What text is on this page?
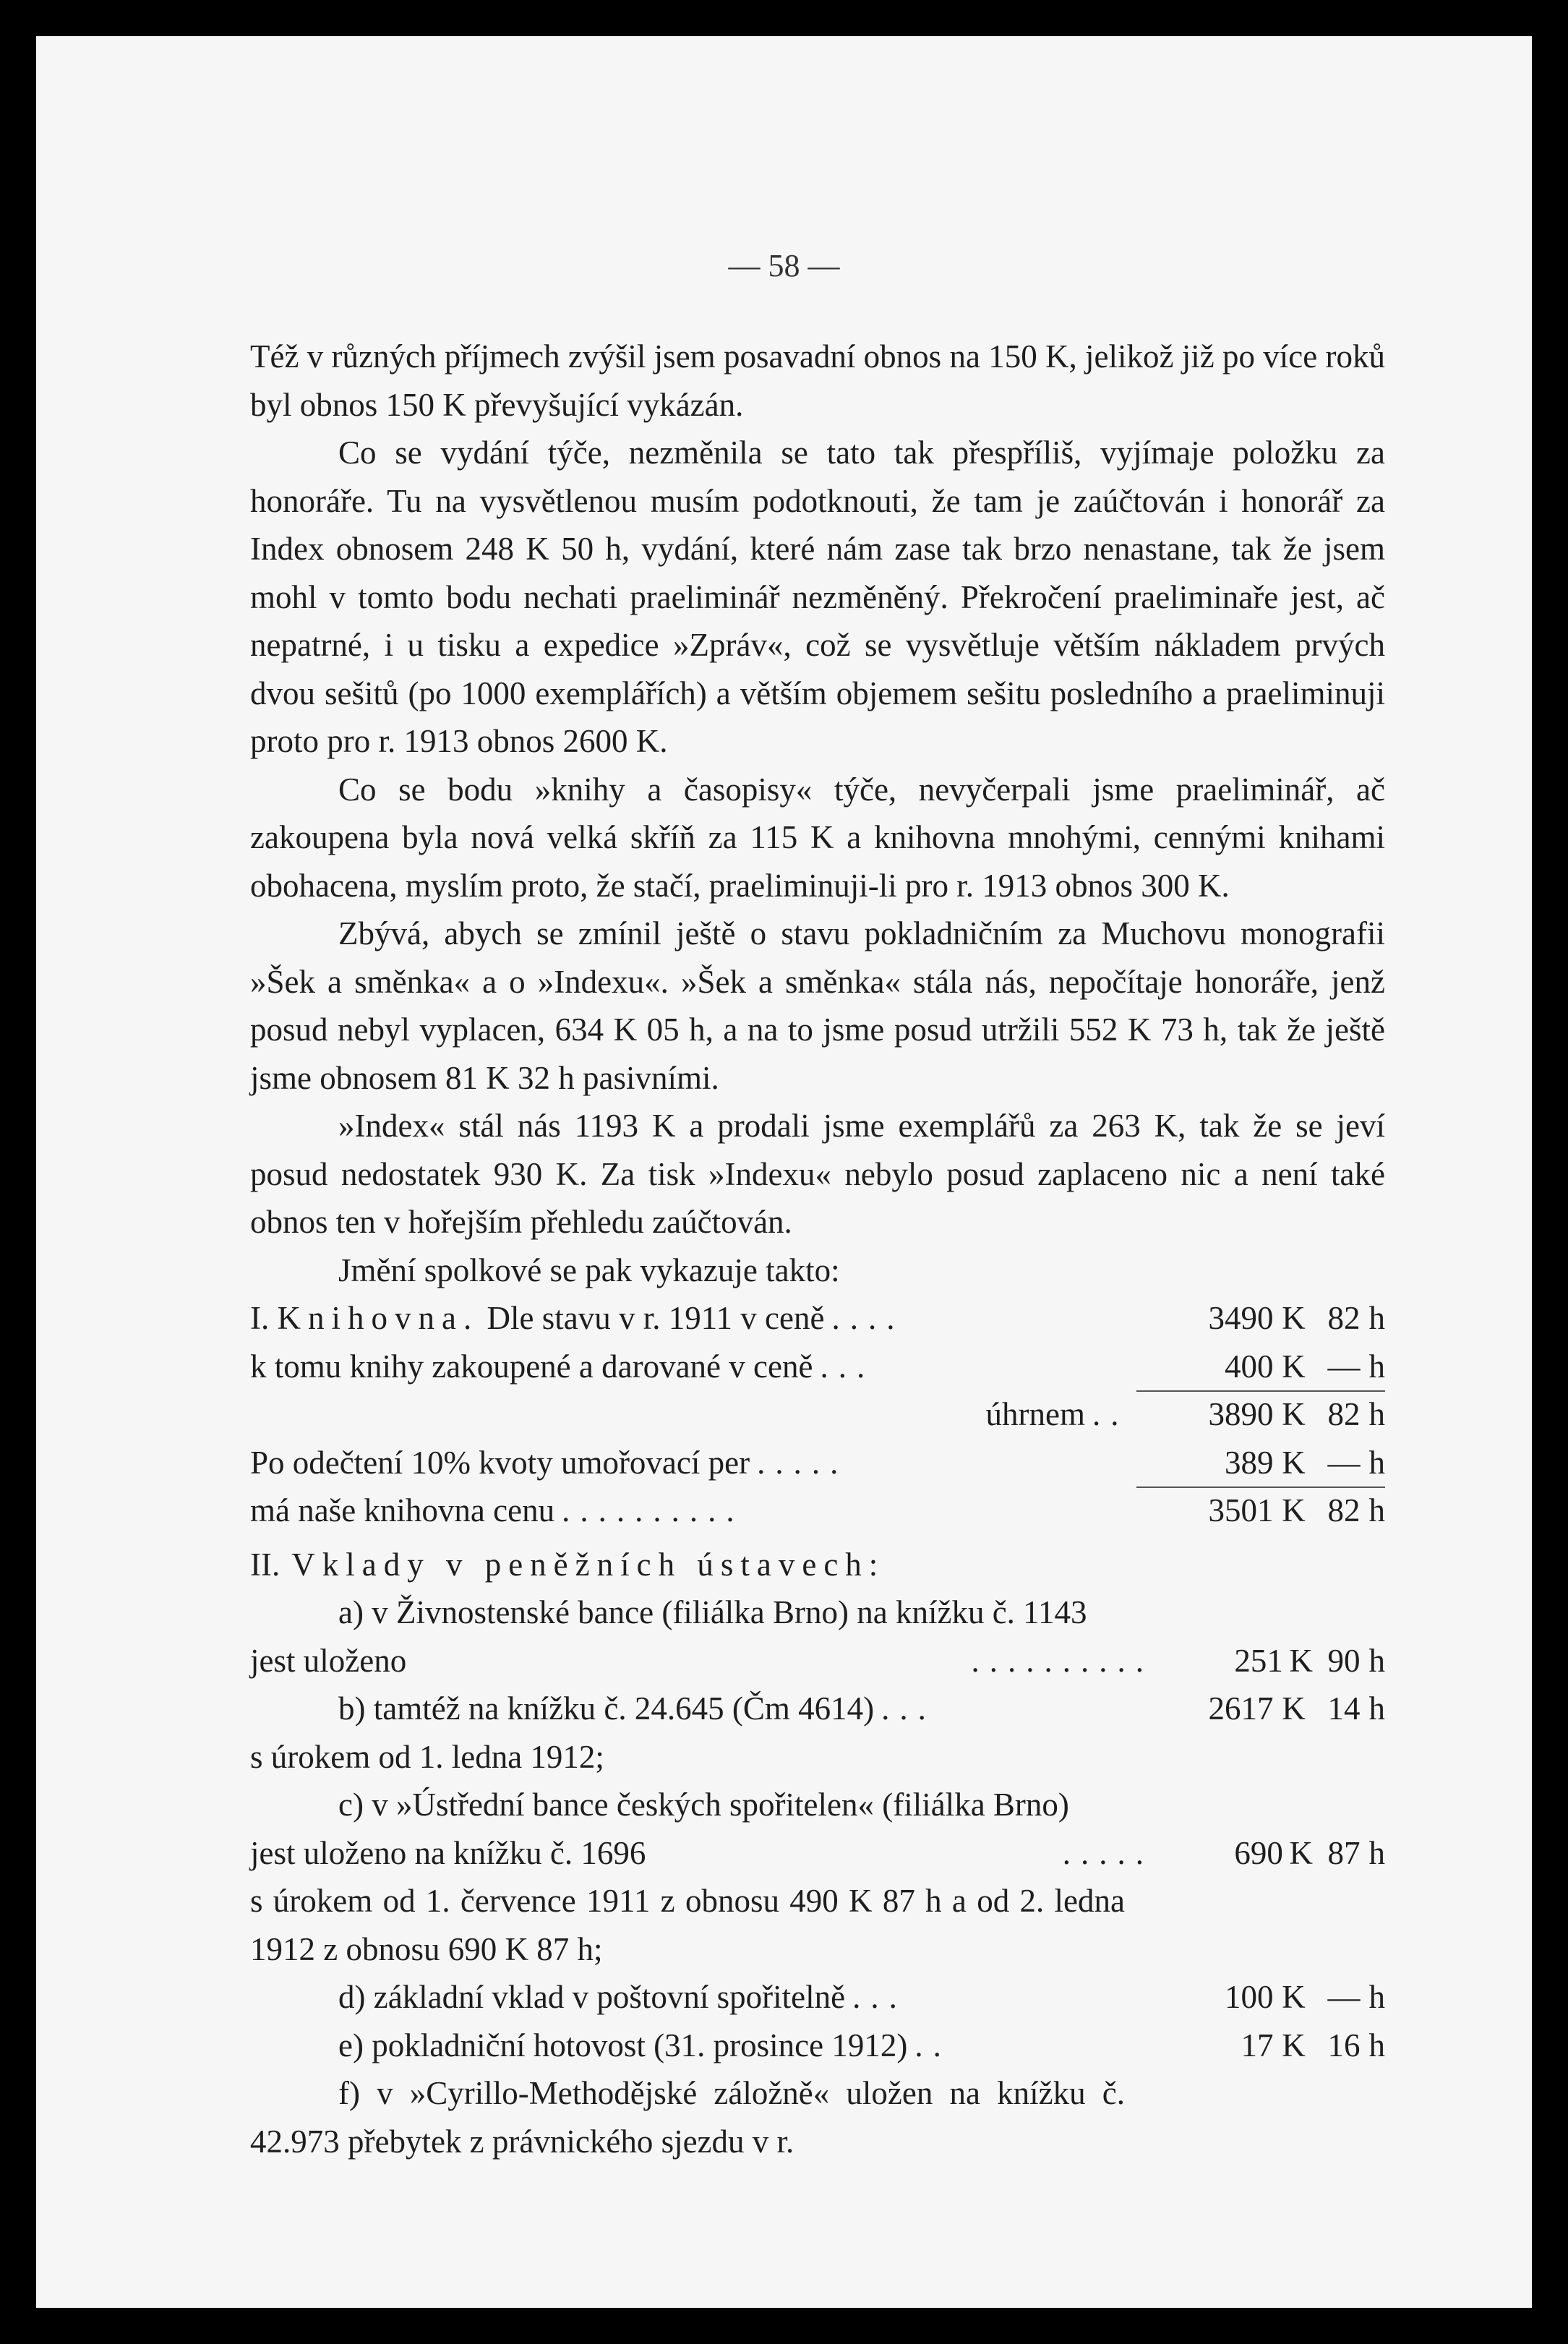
— 58 —

Též v různých příjmech zvýšil jsem posavadní obnos na 150 K, jelikož již po více roků byl obnos 150 K převyšující vykázán.

Co se vydání týče, nezměnila se tato tak přespříliš, vyjímaje položku za honoráře. Tu na vysvětlenou musím podotknouti, že tam je zaúčtován i honorář za Index obnosem 248 K 50 h, vydání, které nám zase tak brzo nenastane, tak že jsem mohl v tomto bodu nechati praeliminář nezměněný. Překročení praeliminaře jest, ač nepatrné, i u tisku a expedice »Zpráv«, což se vysvětluje větším nákladem prvých dvou sešitů (po 1000 exemplářích) a větším objemem sešitu posledního a praeliminuji proto pro r. 1913 obnos 2600 K.

Co se bodu »knihy a časopisy« týče, nevyčerpali jsme praeliminář, ač zakoupena byla nová velká skříň za 115 K a knihovna mnohými, cennými knihami obohacena, myslím proto, že stačí, praeliminuji-li pro r. 1913 obnos 300 K.

Zbývá, abych se zmínil ještě o stavu pokladničním za Muchovu monografii »Šek a směnka« a o »Indexu«. »Šek a směnka« stála nás, nepočítaje honoráře, jenž posud nebyl vyplacen, 634 K 05 h, a na to jsme posud utržili 552 K 73 h, tak že ještě jsme obnosem 81 K 32 h pasivními.

»Index« stál nás 1193 K a prodali jsme exemplářů za 263 K, tak že se jeví posud nedostatek 930 K. Za tisk »Indexu« nebylo posud zaplaceno nic a není také obnos ten v hořejším přehledu zaúčtován.

Jmění spolkové se pak vykazuje takto:

I. Knihovna. Dle stavu v r. 1911 v ceně ....	3490 K 82 h
k tomu knihy zakoupené a darované v ceně ...	400 K — h
úhrnem ..	3890 K 82 h
Po odečtení 10% kvoty umořovací per .....	389 K — h
má naše knihovna cenu ..........	3501 K 82 h
II. Vklady v peněžních ústavech:

a) v Živnostenské bance (filiálka Brno) na knížku č. 1143 jest uloženo	..........	251 K 90 h
b) tamtéž na knížku č. 24.645 (Čm 4614) ...	2617 K 14 h

s úrokem od 1. ledna 1912;

c) v »Ústřední bance českých spořitelen« (filiálka Brno) jest uloženo na knížku č. 1696	.....	690 K 87 h

s úrokem od 1. července 1911 z obnosu 490 K 87 h a od 2. ledna 1912 z obnosu 690 K 87 h;

d) základní vklad v poštovní spořitelně ...	100 K — h
e) pokladniční hotovost (31. prosince 1912) ..	17 K 16 h

f) v »Cyrillo-Methodějské záložně« uložen na knížku č. 42.973 přebytek z právnického sjezdu v r.
